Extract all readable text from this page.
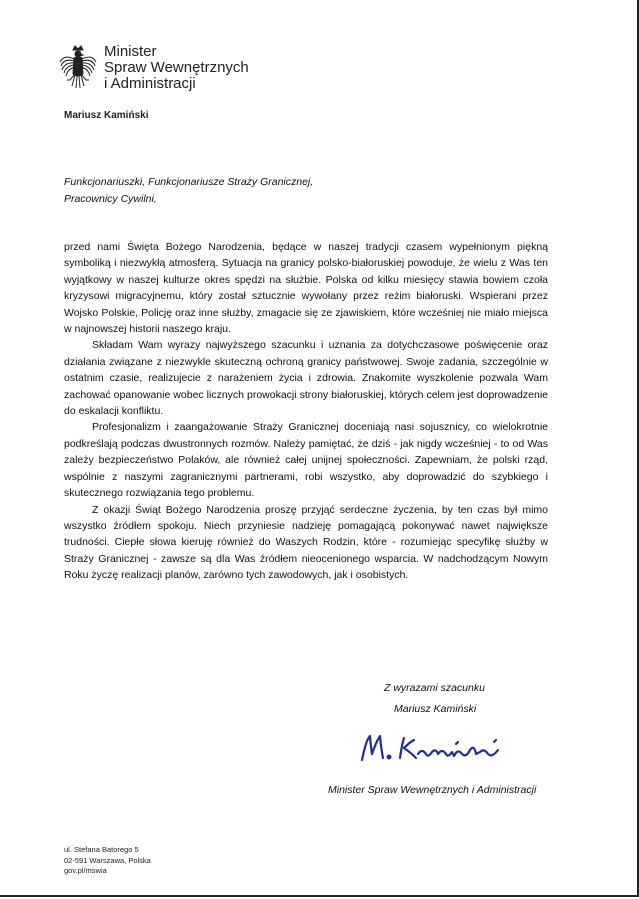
Minister
Spraw Wewnętrznych
i Administracji
Mariusz Kamiński
Funkcjonariuszki, Funkcjonariusze Straży Granicznej,
Pracownicy Cywilni,

przed nami Święta Bożego Narodzenia, będące w naszej tradycji czasem wypełnionym piękną symboliką i niezwykłą atmosferą. Sytuacja na granicy polsko-białoruskiej powoduje, że wielu z Was ten wyjątkowy w naszej kulturze okres spędzi na służbie. Polska od kilku miesięcy stawia bowiem czoła kryzysowi migracyjnemu, który został sztucznie wywołany przez reżim białoruski. Wspierani przez Wojsko Polskie, Policję oraz inne służby, zmagacie się ze zjawiskiem, które wcześniej nie miało miejsca w najnowszej historii naszego kraju.

Składam Wam wyrazy najwyższego szacunku i uznania za dotychczasowe poświęcenie oraz działania związane z niezwykle skuteczną ochroną granicy państwowej. Swoje zadania, szczególnie w ostatnim czasie, realizujecie z narażeniem życia i zdrowia. Znakomite wyszkolenie pozwala Wam zachować opanowanie wobec licznych prowokacji strony białoruskiej, których celem jest doprowadzenie do eskalacji konfliktu.

Profesjonalizm i zaangażowanie Straży Granicznej doceniają nasi sojusznicy, co wielokrotnie podkreślają podczas dwustronnych rozmów. Należy pamiętać, że dziś - jak nigdy wcześniej - to od Was zależy bezpieczeństwo Polaków, ale również całej unijnej społeczności. Zapewniam, że polski rząd, wspólnie z naszymi zagranicznymi partnerami, robi wszystko, aby doprowadzić do szybkiego i skutecznego rozwiązania tego problemu.

Z okazji Świąt Bożego Narodzenia proszę przyjąć serdeczne życzenia, by ten czas był mimo wszystko źródłem spokoju. Niech przyniesie nadzieję pomagającą pokonywać nawet największe trudności. Ciepłe słowa kieruję również do Waszych Rodzin, które - rozumiejąc specyfikę służby w Straży Granicznej - zawsze są dla Was źródłem nieocenionego wsparcia. W nadchodzącym Nowym Roku życzę realizacji planów, zarówno tych zawodowych, jak i osobistych.

Z wyrazami szacunku
Mariusz Kamiński
Minister Spraw Wewnętrznych i Administracji
ul. Stefana Batorego 5
02-591 Warszawa, Polska
gov.pl/mswia
